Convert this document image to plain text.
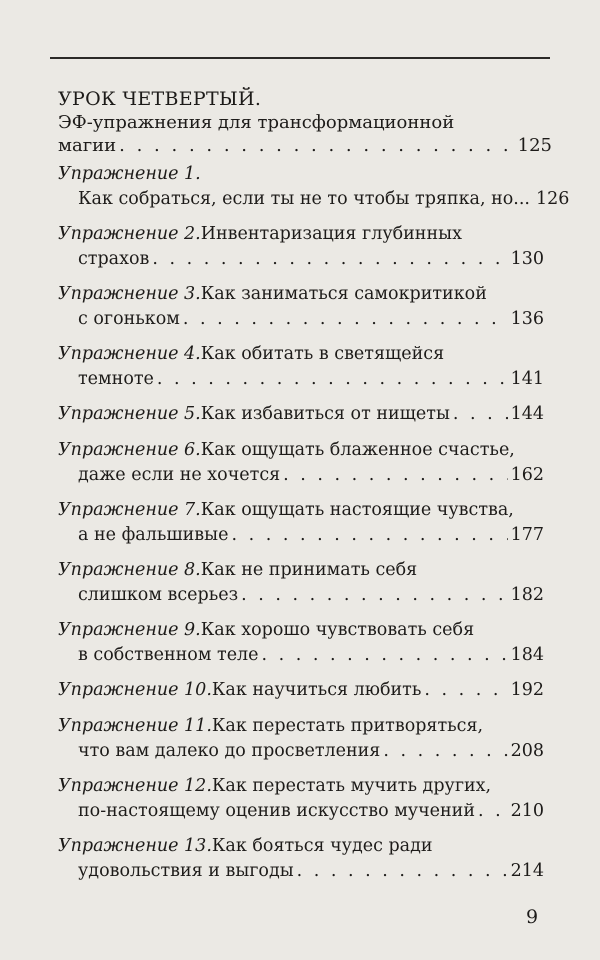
УРОК ЧЕТВЕРТЫЙ.
ЭФ-упражнения для трансформационной
магии . . .	125
Упражнение 1.
Как собраться, если ты не то чтобы тряпка, но... 126
Упражнение 2. Инвентаризация глубинных
страхов . . .	130
Упражнение 3. Как заниматься самокритикой
с огоньком . . .	136
Упражнение 4. Как обитать в светящейся
темноте . . .	141
Упражнение 5. Как избавиться от нищеты . . .	144
Упражнение 6. Как ощущать блаженное счастье,
даже если не хочется . . .	162
Упражнение 7. Как ощущать настоящие чувства,
а не фальшивые . . .	177
Упражнение 8. Как не принимать себя
слишком всерьез . . .	182
Упражнение 9. Как хорошо чувствовать себя
в собственном теле . . .	184
Упражнение 10. Как научиться любить . . .	192
Упражнение 11. Как перестать притворяться,
что вам далеко до просветления . . .	208
Упражнение 12. Как перестать мучить других,
по-настоящему оценив искусство мучений . . . 210
Упражнение 13. Как бояться чудес ради
удовольствия и выгоды . . .	214
9
